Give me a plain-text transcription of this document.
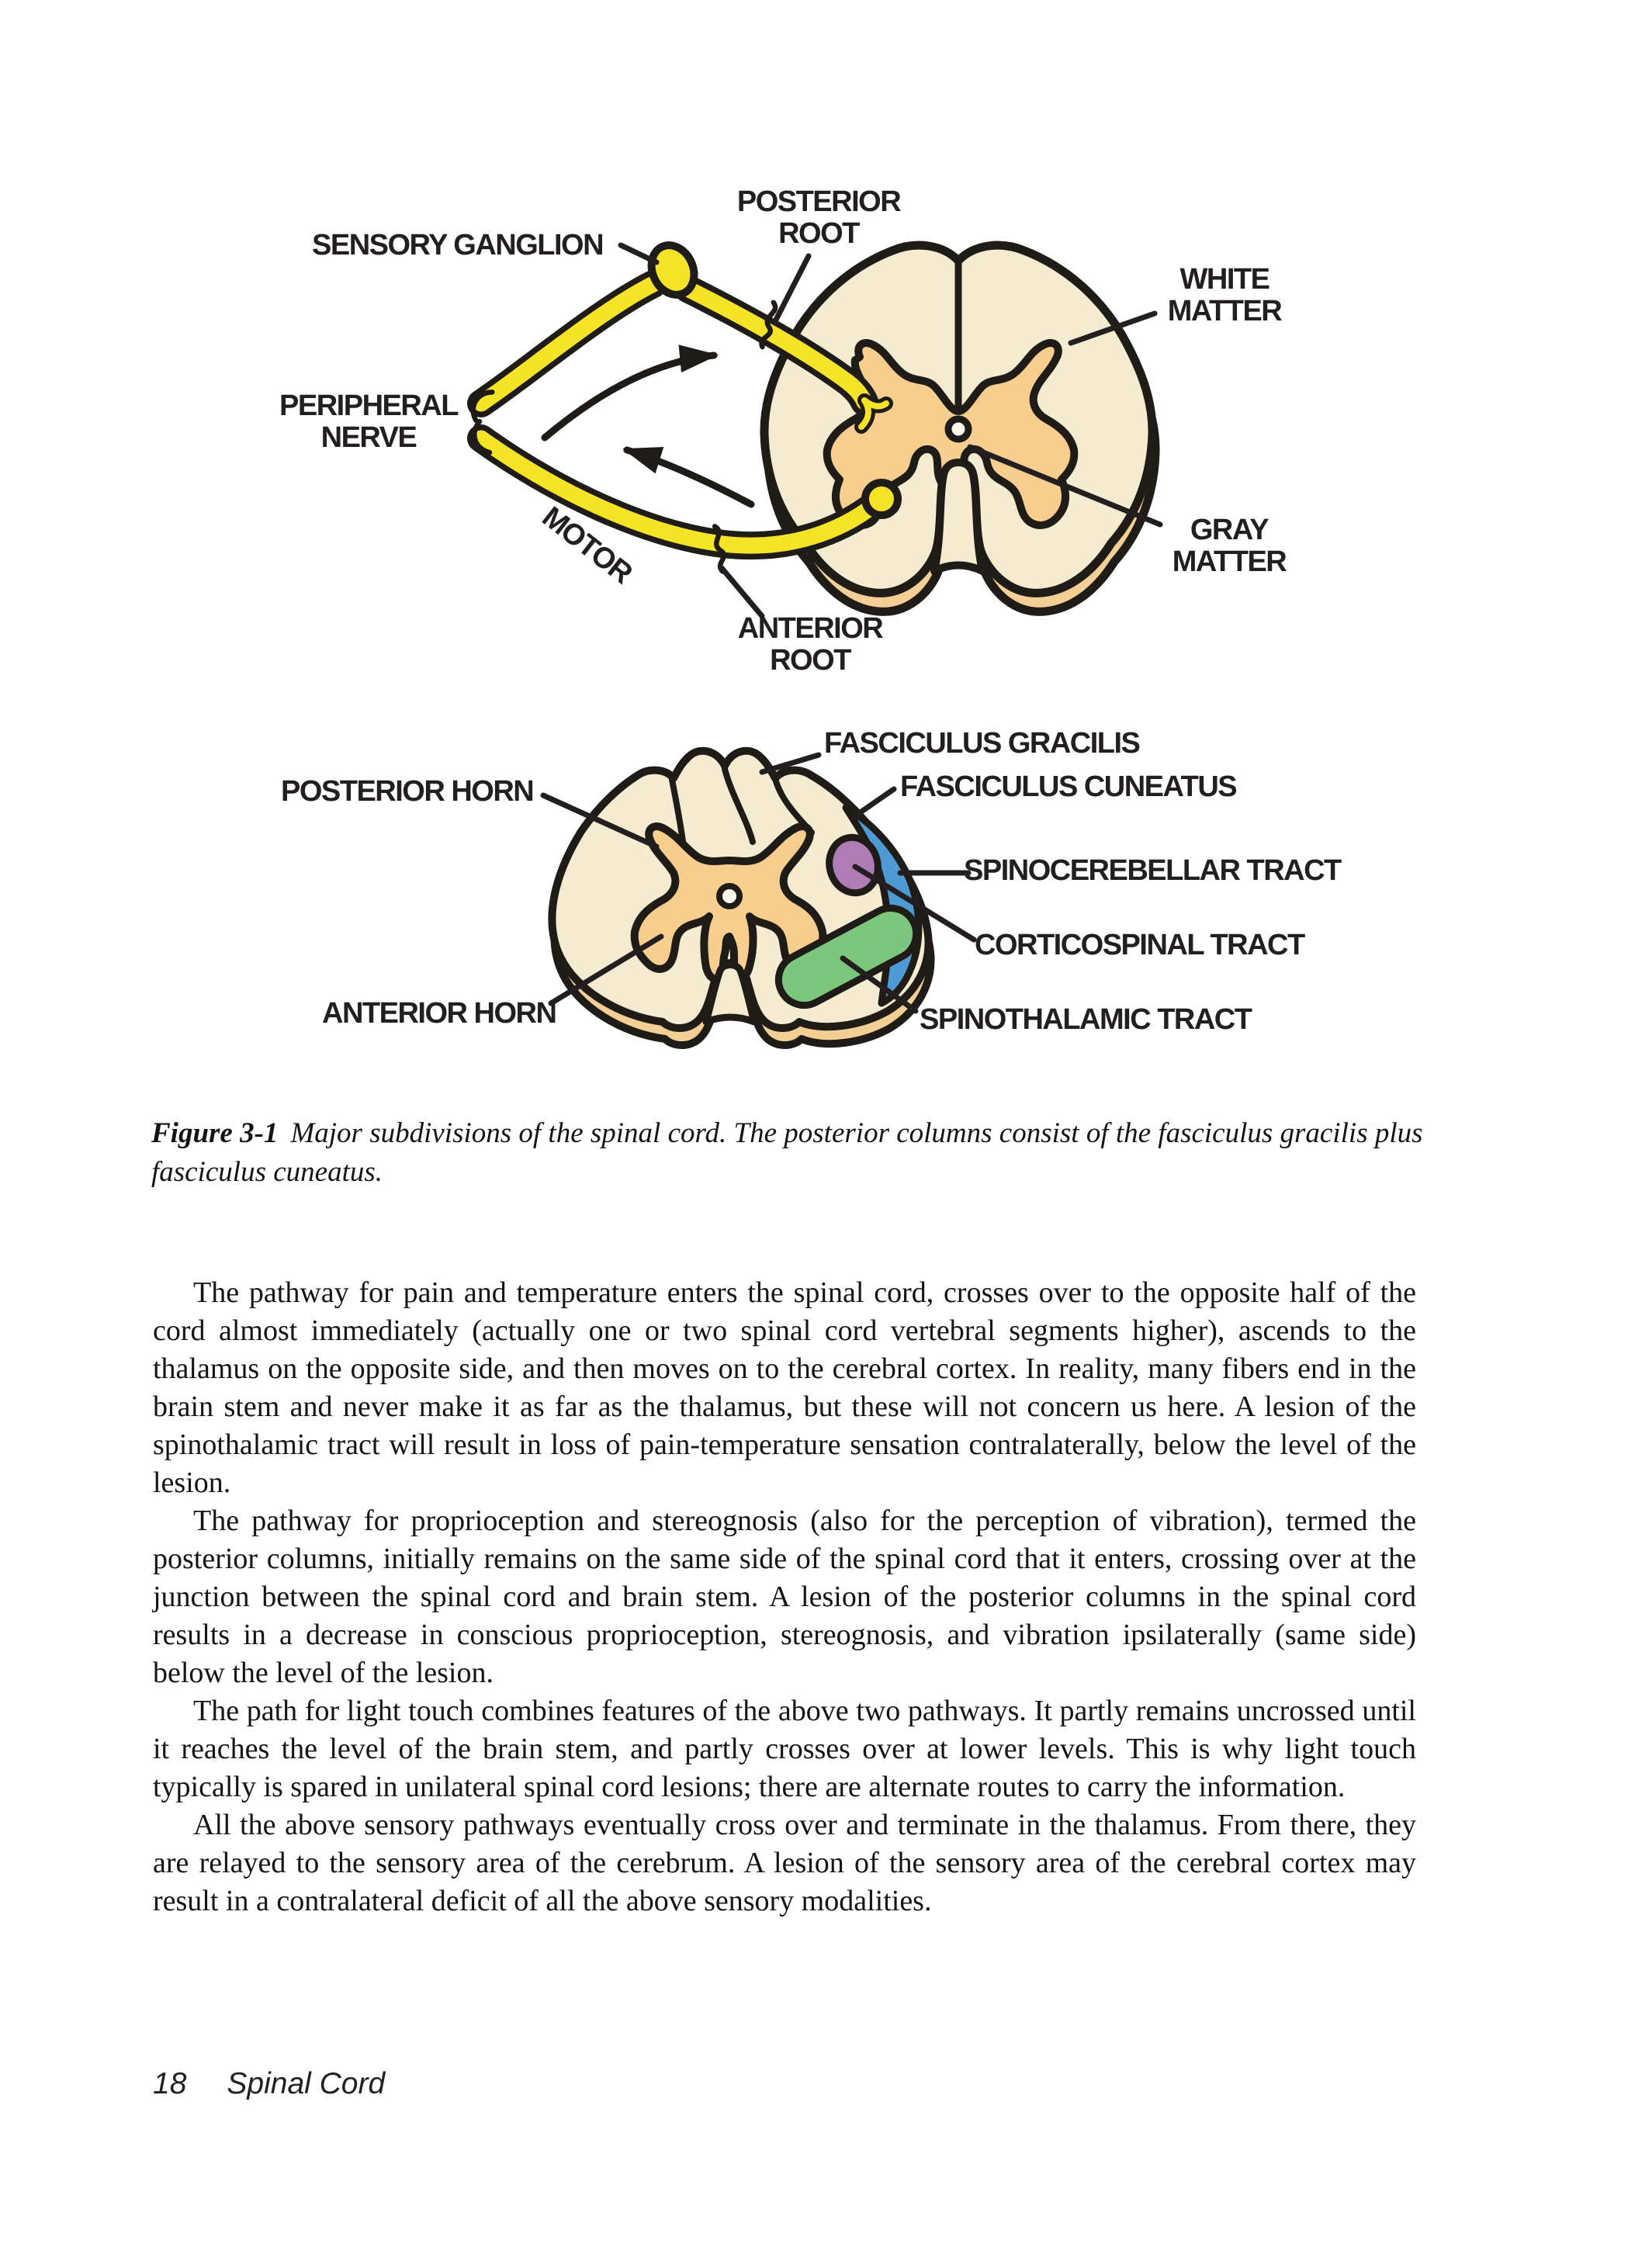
POSTERIOR ROOT
SENSORY GANGLION
WHITE MATTER
PERIPHERAL NERVE
MOTOR	GRAY MATTER
ANTERIOR ROOT
FASCICULUS GRACILIS
FASCICULUS CUNEATUS
POSTERIOR HORN
SPINOCEREBELLAR TRACT
CORTICOSPINAL TRACT
ANTERIOR HORN	SPINOTHALAMIC TRACT

Figure 3-1 Major subdivisions of the spinal cord. The posterior columns consist of the fasciculus gracilis plus fasciculus cuneatus.

The pathway for pain and temperature enters the spinal cord, crosses over to the opposite half of the cord almost immediately (actually one or two spinal cord vertebral segments higher), ascends to the thalamus on the opposite side, and then moves on to the cerebral cortex. In reality, many fibers end in the brain stem and never make it as far as the thalamus, but these will not concern us here. A lesion of the spinothalamic tract will result in loss of pain-temperature sensation contralaterally, below the level of the lesion.

The pathway for proprioception and stereognosis (also for the perception of vibration), termed the posterior columns, initially remains on the same side of the spinal cord that it enters, crossing over at the junction between the spinal cord and brain stem. A lesion of the posterior columns in the spinal cord results in a decrease in conscious proprioception, stereognosis, and vibration ipsilaterally (same side) below the level of the lesion.

The path for light touch combines features of the above two pathways. It partly remains uncrossed until it reaches the level of the brain stem, and partly crosses over at lower levels. This is why light touch typically is spared in unilateral spinal cord lesions; there are alternate routes to carry the information.

All the above sensory pathways eventually cross over and terminate in the thalamus. From there, they are relayed to the sensory area of the cerebrum. A lesion of the sensory area of the cerebral cortex may result in a contralateral deficit of all the above sensory modalities.

18 Spinal Cord
